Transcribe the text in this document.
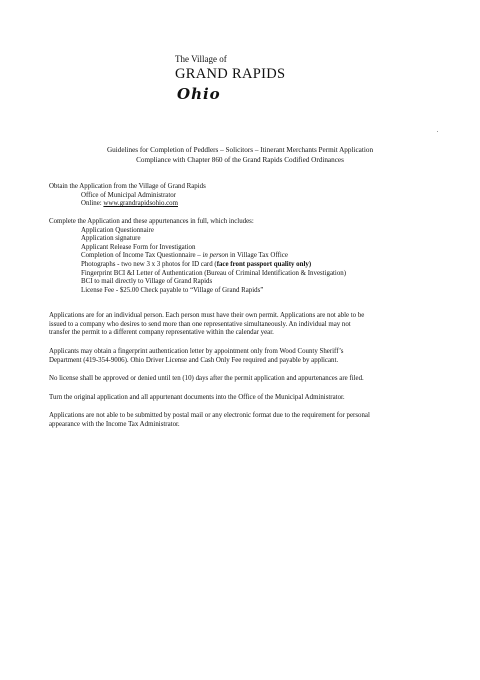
The Village of
GRAND RAPIDS
Ohio
Guidelines for Completion of Peddlers – Solicitors – Itinerant Merchants Permit Application
Compliance with Chapter 860 of the Grand Rapids Codified Ordinances
Obtain the Application from the Village of Grand Rapids
Office of Municipal Administrator
Online: www.grandrapidsohio.com
Complete the Application and these appurtenances in full, which includes:
Application Questionnaire
Application signature
Applicant Release Form for Investigation
Completion of Income Tax Questionnaire – in person in Village Tax Office
Photographs - two new 3 x 3 photos for ID card (face front passport quality only)
Fingerprint BCI &I Letter of Authentication (Bureau of Criminal Identification & Investigation)
BCI to mail directly to Village of Grand Rapids
License Fee - $25.00 Check payable to “Village of Grand Rapids”
Applications are for an individual person. Each person must have their own permit. Applications are not able to be
issued to a company who desires to send more than one representative simultaneously. An individual may not
transfer the permit to a different company representative within the calendar year.
Applicants may obtain a fingerprint authentication letter by appointment only from Wood County Sheriff’s
Department (419-354-9006). Ohio Driver License and Cash Only Fee required and payable by applicant.
No license shall be approved or denied until ten (10) days after the permit application and appurtenances are filed.
Turn the original application and all appurtenant documents into the Office of the Municipal Administrator.
Applications are not able to be submitted by postal mail or any electronic format due to the requirement for personal
appearance with the Income Tax Administrator.
